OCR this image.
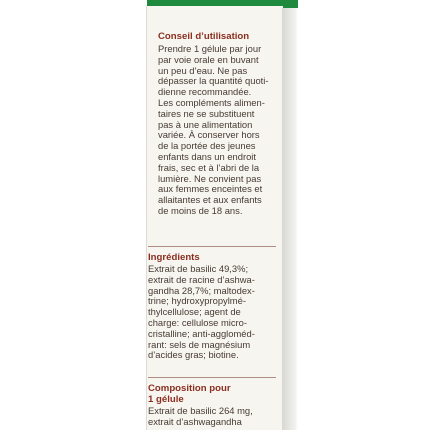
Conseil d’utilisation

Prendre 1 gélule par jour

par voie orale en buvant

un peu d’eau. Ne pas

dépasser la quantité quoti-

dienne recommandée.

Les compléments alimen-

taires ne se substituent

pas à une alimentation

variée. À conserver hors

de la portée des jeunes

enfants dans un endroit

frais, sec et à l’abri de la

lumière. Ne convient pas

aux femmes enceintes et

allaitantes et aux enfants

de moins de 18 ans.

Ingrédients

Extrait de basilic 49,3%;

extrait de racine d’ashwa-

gandha 28,7%; maltodex-

trine; hydroxypropylmé-

thylcellulose; agent de

charge: cellulose micro-

cristalline; anti-aggloméd-

rant: sels de magnésium

d’acides gras; biotine.

Composition pour

1 gélule

Extrait de basilic 264 mg,

extrait d’ashwagandha
